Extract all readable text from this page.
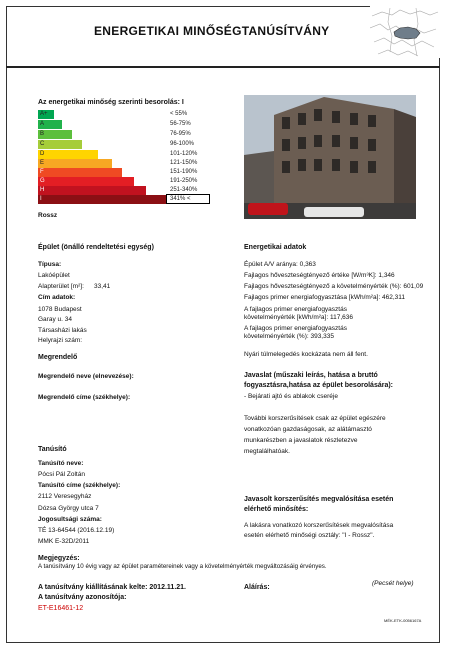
ENERGETIKAI MINŐSÉGTANÚSÍTVÁNY
Az energetikai minőség szerinti besorolás: I
A+
A
B
C
D
E
F
G
H
I
< 55%
56-75%
76-95%
96-100%
101-120%
121-150%
151-190%
191-250%
251-340%
341% <
Rossz
Épület (önálló rendeltetési egység)
Típusa:
Lakóépület
Alapterület [m²]: 33,41
Cím adatok:
1078 Budapest
Garay u. 34
Társasházi lakás
Helyrajzi szám:
Megrendelő
Megrendelő neve (elnevezése):
Megrendelő címe (székhelye):
Tanúsító
Tanúsító neve:
Pócsi Pál Zoltán
Tanúsító címe (székhelye):
2112 Veresegyház
Dózsa György utca 7
Jogosultsági száma:
TÉ 13-64544 (2016.12.19)
MMK E-32D/2011
Energetikai adatok
Épület A/V aránya: 0,363
Fajlagos hőveszteségtényező értéke [W/m³K]: 1,346
Fajlagos hőveszteségtényező a követelményérték (%): 601,09
Fajlagos primer energiafogyasztása [kWh/m²a]: 462,311
A fajlagos primer energiafogyasztás
követelményérték [kWh/m²a]: 117,636
A fajlagos primer energiafogyasztás
követelményérték (%): 393,335
Nyári túlmelegedés kockázata nem áll fent.
Javaslat (műszaki leírás, hatása a bruttó
fogyasztásra,hatása az épület besorolására):
- Bejárati ajtó és ablakok cseréje
További korszerűsítések csak az épület egészére
vonatkozóan gazdaságosak, az alátámasztó
munkarészben a javaslatok részletezve
megtalálhatóak.
Javasolt korszerűsítés megvalósítása esetén
elérhető minősítés:
A lakásra vonatkozó korszerűsítések megvalósítása
esetén elérhető minőségi osztály: "I - Rossz".
Megjegyzés:
A tanúsítvány 10 évig vagy az épület paramétereinek vagy a követelményérték megváltozásáig érvényes.
A tanúsítvány kiállításának kelte: 2012.11.21.	Aláírás:
(Pecsét helye)
A tanúsítvány azonosítója:
ET-E16461-12
MÉK-ETK-0056167A
